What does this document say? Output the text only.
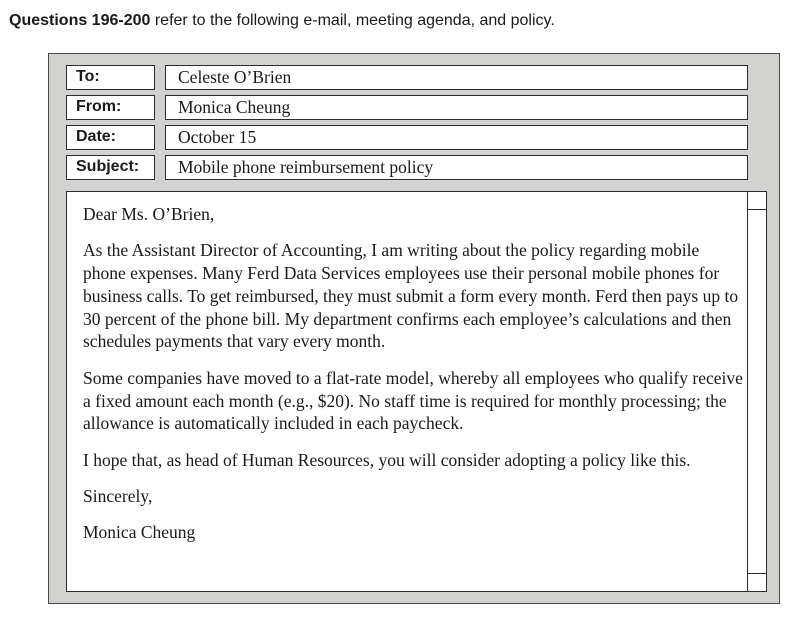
Questions 196-200 refer to the following e-mail, meeting agenda, and policy.
To:	Celeste O’Brien
From:	Monica Cheung
Date:	October 15
Subject:	Mobile phone reimbursement policy

Dear Ms. O’Brien,

As the Assistant Director of Accounting, I am writing about the policy regarding mobile phone expenses. Many Ferd Data Services employees use their personal mobile phones for business calls. To get reimbursed, they must submit a form every month. Ferd then pays up to 30 percent of the phone bill. My department confirms each employee’s calculations and then schedules payments that vary every month.

Some companies have moved to a flat-rate model, whereby all employees who qualify receive a fixed amount each month (e.g., $20). No staff time is required for monthly processing; the allowance is automatically included in each paycheck.

I hope that, as head of Human Resources, you will consider adopting a policy like this.

Sincerely,

Monica Cheung
